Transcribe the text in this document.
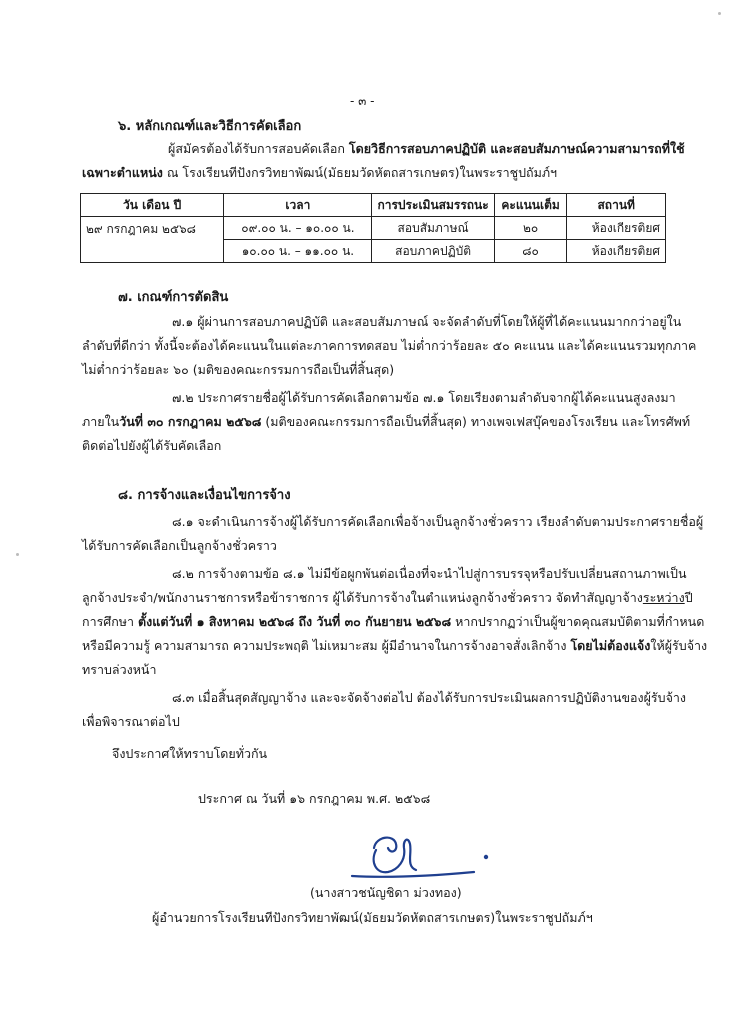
- ๓ -
๖. หลักเกณฑ์และวิธีการคัดเลือก
ผู้สมัครต้องได้รับการสอบคัดเลือก โดยวิธีการสอบภาคปฏิบัติ และสอบสัมภาษณ์ความสามารถที่ใช้
เฉพาะตำแหน่ง ณ โรงเรียนทีปังกรวิทยาพัฒน์(มัธยมวัดหัตถสารเกษตร)ในพระราชูปถัมภ์ฯ
วัน เดือน ปี	เวลา	การประเมินสมรรถนะ	คะแนนเต็ม	สถานที่
๒๙ กรกฎาคม ๒๕๖๘	๐๙.๐๐ น. – ๑๐.๐๐ น.	สอบสัมภาษณ์	๒๐	ห้องเกียรติยศ
	๑๐.๐๐ น. – ๑๑.๐๐ น.	สอบภาคปฏิบัติ	๘๐	ห้องเกียรติยศ
๗. เกณฑ์การตัดสิน
๗.๑ ผู้ผ่านการสอบภาคปฏิบัติ และสอบสัมภาษณ์ จะจัดลำดับที่โดยให้ผู้ที่ได้คะแนนมากกว่าอยู่ใน
ลำดับที่ดีกว่า ทั้งนี้จะต้องได้คะแนนในแต่ละภาคการทดสอบ ไม่ต่ำกว่าร้อยละ ๕๐ คะแนน และได้คะแนนรวมทุกภาค
ไม่ต่ำกว่าร้อยละ ๖๐ (มติของคณะกรรมการถือเป็นที่สิ้นสุด)
๗.๒ ประกาศรายชื่อผู้ได้รับการคัดเลือกตามข้อ ๗.๑ โดยเรียงตามลำดับจากผู้ได้คะแนนสูงลงมา
ภายในวันที่ ๓๐ กรกฎาคม ๒๕๖๘ (มติของคณะกรรมการถือเป็นที่สิ้นสุด) ทางเพจเฟสบุ๊คของโรงเรียน และโทรศัพท์
ติดต่อไปยังผู้ได้รับคัดเลือก
๘. การจ้างและเงื่อนไขการจ้าง
๘.๑ จะดำเนินการจ้างผู้ได้รับการคัดเลือกเพื่อจ้างเป็นลูกจ้างชั่วคราว เรียงลำดับตามประกาศรายชื่อผู้
ได้รับการคัดเลือกเป็นลูกจ้างชั่วคราว
๘.๒ การจ้างตามข้อ ๘.๑ ไม่มีข้อผูกพันต่อเนื่องที่จะนำไปสู่การบรรจุหรือปรับเปลี่ยนสถานภาพเป็น
ลูกจ้างประจำ/พนักงานราชการหรือข้าราชการ ผู้ได้รับการจ้างในตำแหน่งลูกจ้างชั่วคราว จัดทำสัญญาจ้างระหว่างปี
การศึกษา ตั้งแต่วันที่ ๑ สิงหาคม ๒๕๖๘ ถึง วันที่ ๓๐ กันยายน ๒๕๖๘ หากปรากฏว่าเป็นผู้ขาดคุณสมบัติตามที่กำหนด
หรือมีความรู้ ความสามารถ ความประพฤติ ไม่เหมาะสม ผู้มีอำนาจในการจ้างอาจสั่งเลิกจ้าง โดยไม่ต้องแจ้งให้ผู้รับจ้าง
ทราบล่วงหน้า
๘.๓ เมื่อสิ้นสุดสัญญาจ้าง และจะจัดจ้างต่อไป ต้องได้รับการประเมินผลการปฏิบัติงานของผู้รับจ้าง
เพื่อพิจารณาต่อไป
จึงประกาศให้ทราบโดยทั่วกัน
ประกาศ ณ วันที่ ๑๖ กรกฎาคม พ.ศ. ๒๕๖๘
(นางสาวชนัญชิดา ม่วงทอง)
ผู้อำนวยการโรงเรียนทีปังกรวิทยาพัฒน์(มัธยมวัดหัตถสารเกษตร)ในพระราชูปถัมภ์ฯ
